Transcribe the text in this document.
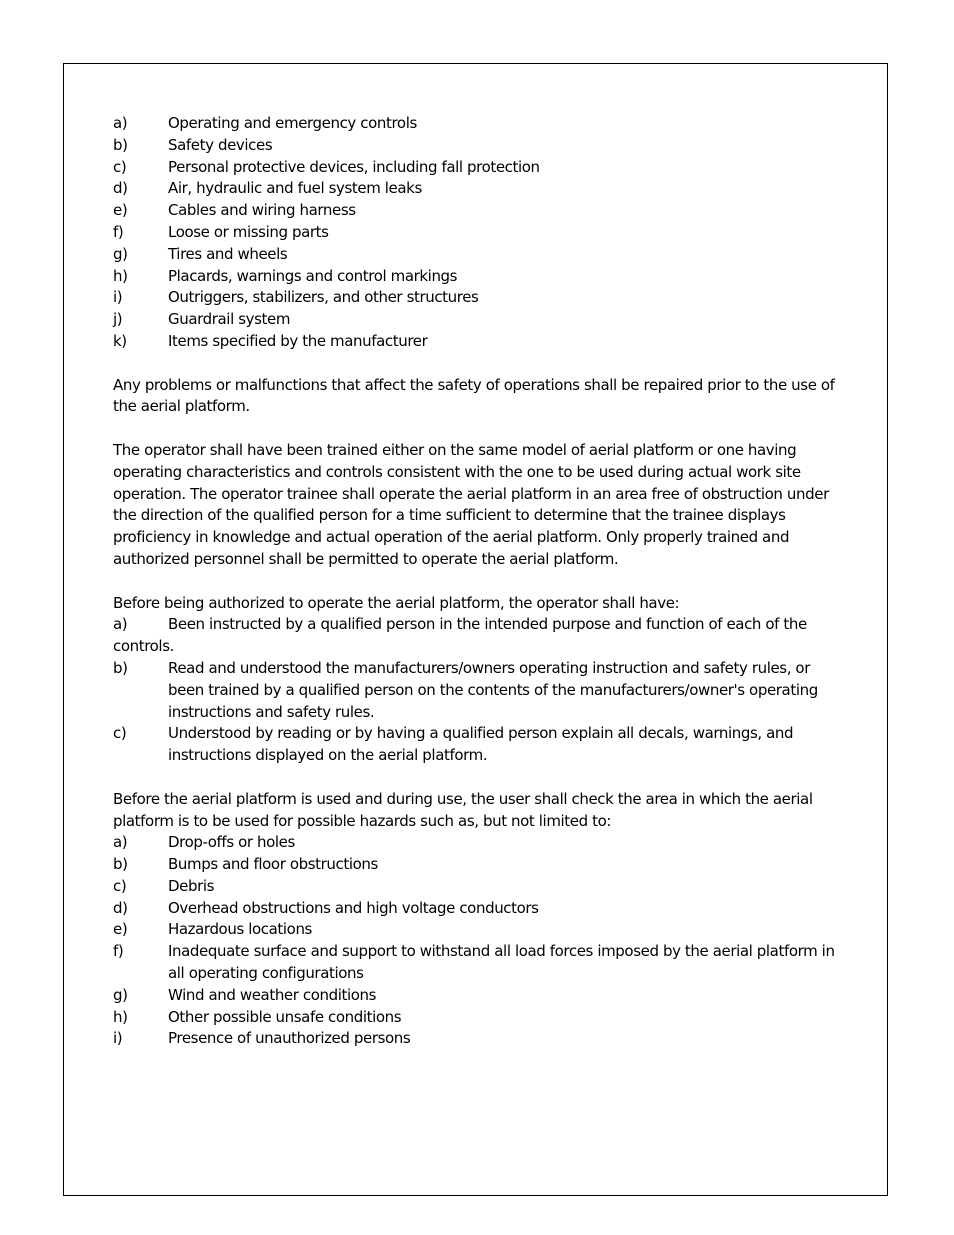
a)	Operating and emergency controls
b)	Safety devices
c)	Personal protective devices, including fall protection
d)	Air, hydraulic and fuel system leaks
e)	Cables and wiring harness
f)	Loose or missing parts
g)	Tires and wheels
h)	Placards, warnings and control markings
i)	Outriggers, stabilizers, and other structures
j)	Guardrail system
k)	Items specified by the manufacturer

Any problems or malfunctions that affect the safety of operations shall be repaired prior to the use of the aerial platform.

The operator shall have been trained either on the same model of aerial platform or one having operating characteristics and controls consistent with the one to be used during actual work site operation. The operator trainee shall operate the aerial platform in an area free of obstruction under the direction of the qualified person for a time sufficient to determine that the trainee displays proficiency in knowledge and actual operation of the aerial platform. Only properly trained and authorized personnel shall be permitted to operate the aerial platform.

Before being authorized to operate the aerial platform, the operator shall have:

a)	Been instructed by a qualified person in the intended purpose and function of each of the controls.

b)	Read and understood the manufacturers/owners operating instruction and safety rules, or been trained by a qualified person on the contents of the manufacturers/owner's operating instructions and safety rules.

c)	Understood by reading or by having a qualified person explain all decals, warnings, and instructions displayed on the aerial platform.

Before the aerial platform is used and during use, the user shall check the area in which the aerial platform is to be used for possible hazards such as, but not limited to:

a)	Drop-offs or holes

b)	Bumps and floor obstructions

c)	Debris

d)	Overhead obstructions and high voltage conductors

e)	Hazardous locations

f)	Inadequate surface and support to withstand all load forces imposed by the aerial platform in all operating configurations

g)	Wind and weather conditions

h)	Other possible unsafe conditions

i)	Presence of unauthorized persons
